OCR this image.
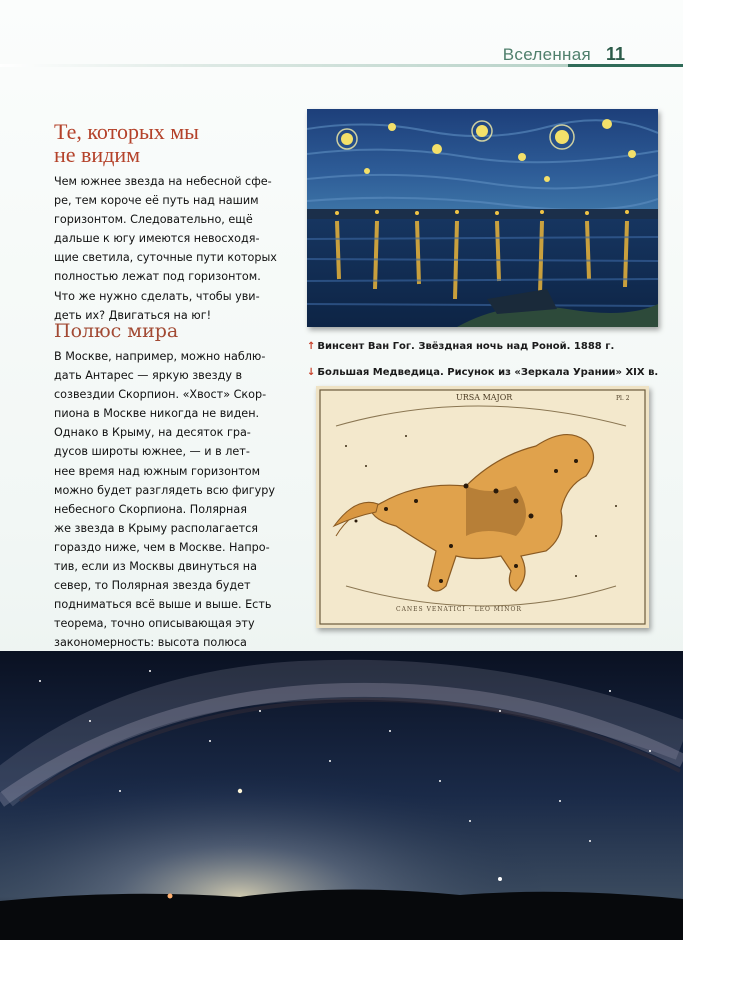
Вселенная 11
Те, которых мы
не видим

Чем южнее звезда на небесной сфе-

ре, тем короче её путь над нашим

горизонтом. Следовательно, ещё

дальше к югу имеются невосходя-

щие светила, суточные пути которых

полностью лежат под горизонтом.

Что же нужно сделать, чтобы уви-

деть их? Двигаться на юг!

Полюс мира

В Москве, например, можно наблю-

дать Антарес — яркую звезду в

созвездии Скорпион. «Хвост» Скор-

пиона в Москве никогда не виден.

Однако в Крыму, на десяток гра-

дусов широты южнее, — и в лет-

нее время над южным горизонтом

можно будет разглядеть всю фигуру

небесного Скорпиона. Полярная

же звезда в Крыму располагается

гораздо ниже, чем в Москве. Напро-

тив, если из Москвы двинуться на

север, то Полярная звезда будет

подниматься всё выше и выше. Есть

теорема, точно описывающая эту

закономерность: высота полюса

↑ Винсент Ван Гог. Звёздная ночь над Роной. 1888 г.
↓ Большая Медведица. Рисунок из «Зеркала Урании» XIX в.
URSA MAJOR	Pl. 2
CANES VENATICI · LEO MINOR
